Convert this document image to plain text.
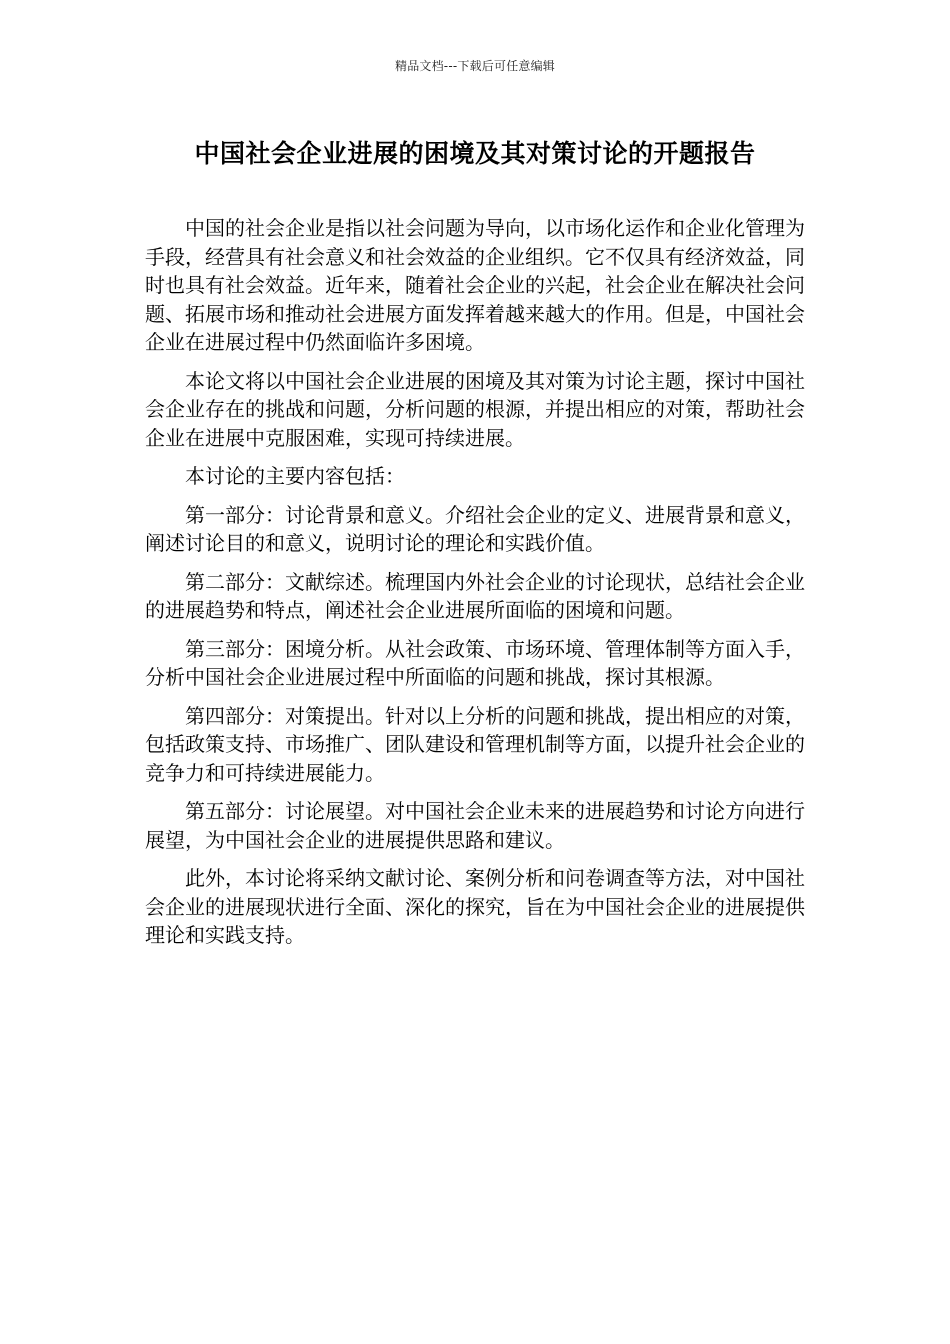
精品文档---下载后可任意编辑
中国社会企业进展的困境及其对策讨论的开题报告

中国的社会企业是指以社会问题为导向，以市场化运作和企业化管理为手段，经营具有社会意义和社会效益的企业组织。它不仅具有经济效益，同时也具有社会效益。近年来，随着社会企业的兴起，社会企业在解决社会问题、拓展市场和推动社会进展方面发挥着越来越大的作用。但是，中国社会企业在进展过程中仍然面临许多困境。

本论文将以中国社会企业进展的困境及其对策为讨论主题，探讨中国社会企业存在的挑战和问题，分析问题的根源，并提出相应的对策，帮助社会企业在进展中克服困难，实现可持续进展。

本讨论的主要内容包括：

第一部分：讨论背景和意义。介绍社会企业的定义、进展背景和意义，阐述讨论目的和意义，说明讨论的理论和实践价值。

第二部分：文献综述。梳理国内外社会企业的讨论现状，总结社会企业的进展趋势和特点，阐述社会企业进展所面临的困境和问题。

第三部分：困境分析。从社会政策、市场环境、管理体制等方面入手，分析中国社会企业进展过程中所面临的问题和挑战，探讨其根源。

第四部分：对策提出。针对以上分析的问题和挑战，提出相应的对策，包括政策支持、市场推广、团队建设和管理机制等方面，以提升社会企业的竞争力和可持续进展能力。

第五部分：讨论展望。对中国社会企业未来的进展趋势和讨论方向进行展望，为中国社会企业的进展提供思路和建议。

此外，本讨论将采纳文献讨论、案例分析和问卷调查等方法，对中国社会企业的进展现状进行全面、深化的探究，旨在为中国社会企业的进展提供理论和实践支持。
